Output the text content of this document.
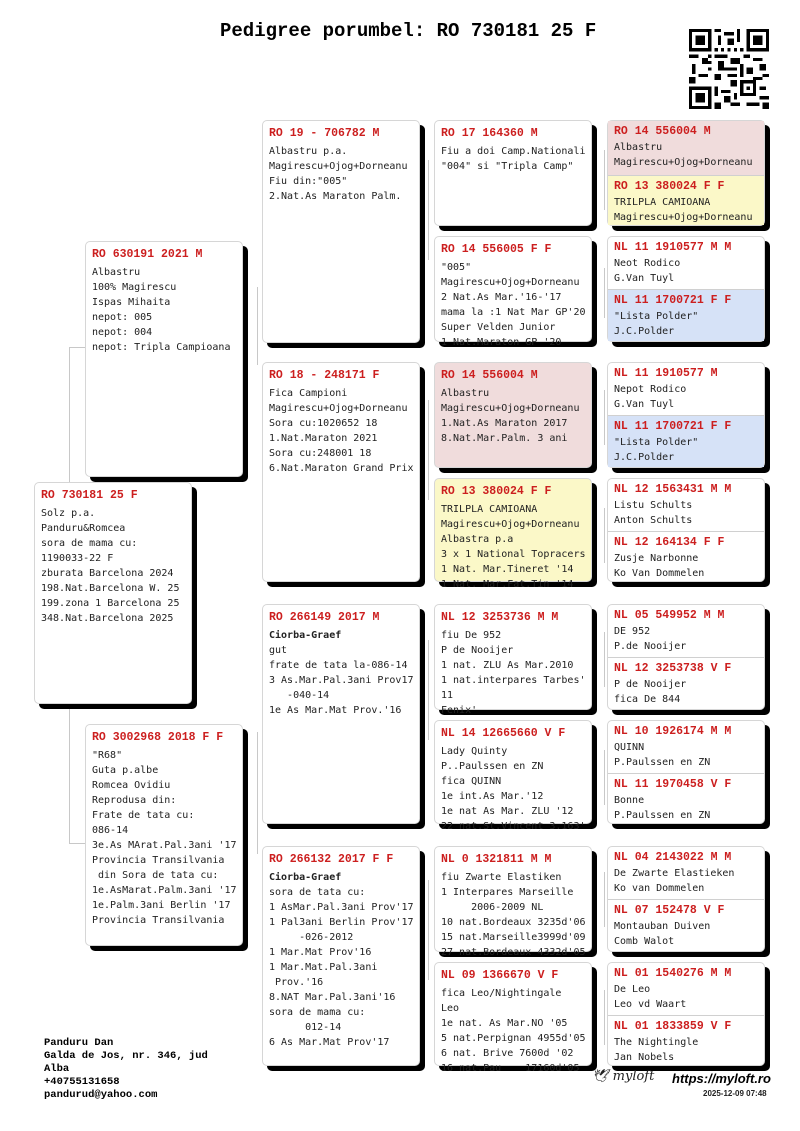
Pedigree porumbel: RO 730181 25 F
RO 730181 25 F
Solz p.a.
Panduru&Romcea
sora de mama cu:
1190033-22 F
zburata Barcelona 2024
198.Nat.Barcelona W. 25
199.zona 1 Barcelona 25
348.Nat.Barcelona 2025
RO 630191 2021 M
Albastru
100% Magirescu
Ispas Mihaita
nepot: 005
nepot: 004
nepot: Tripla Campioana
RO 3002968 2018 F F
"R68"
Guta p.albe
Romcea Ovidiu
Reprodusa din:
Frate de tata cu:
086-14
3e.As MArat.Pal.3ani '17
Provincia Transilvania
din Sora de tata cu:
1e.AsMarat.Palm.3ani '17
1e.Palm.3ani Berlin '17
Provincia Transilvania
RO 19 - 706782 M
Albastru p.a.
Magirescu+Ojog+Dorneanu
Fiu din:"005"
2.Nat.As Maraton Palm.
RO 18 - 248171 F
Fica Campioni
Magirescu+Ojog+Dorneanu
Sora cu:1020652 18
1.Nat.Maraton 2021
Sora cu:248001 18
6.Nat.Maraton Grand Prix
RO 266149 2017 M
Ciorba-Graef
gut
frate de tata la-086-14
3 As.Mar.Pal.3ani Prov17
-040-14
1e As Mar.Mat Prov.'16
RO 266132 2017 F F
Ciorba-Graef
sora de tata cu:
1 AsMar.Pal.3ani Prov'17
1 Pal3ani Berlin Prov'17
-026-2012
1 Mar.Mat Prov'16
1 Mar.Mat.Pal.3ani
Prov.'16
8.NAT Mar.Pal.3ani'16
sora de mama cu:
012-14
6 As Mar.Mat Prov'17
RO 17 164360 M
Fiu a doi Camp.Nationali
"004" si "Tripla Camp"
RO 14 556005 F F
"005"
Magirescu+Ojog+Dorneanu
2 Nat.As Mar.'16-'17
mama la :1 Nat Mar GP'20
Super Velden Junior
1 Nat.Maraton GP '20
RO 14 556004 M
Albastru
Magirescu+Ojog+Dorneanu
1.Nat.As Maraton 2017
8.Nat.Mar.Palm. 3 ani
RO 13 380024 F F
TRILPLA CAMIOANA
Magirescu+Ojog+Dorneanu
Albastra p.a
3 x 1 National Topracers
1 Nat. Mar.Tineret '14
1 Nat. Mar.Fat.Tin '14
NL 12 3253736 M M
fiu De 952
P de Nooijer
1 nat. ZLU As Mar.2010
1 nat.interpares Tarbes'
11
Fenix'
NL 14 12665660 V F
Lady Quinty
P..Paulssen en ZN
fica QUINN
1e int.As Mar.'12
1e nat As Mar. ZLU '12
22 nat.St.Vincent 3.163'
NL 0 1321811 M M
fiu Zwarte Elastiken
1 Interpares Marseille
2006-2009 NL
10 nat.Bordeaux 3235d'06
15 nat.Marseille3999d'09
27 nat.Bordeaux 4332d'05
NL 09 1366670 V F
fica Leo/Nightingale
Leo
1e nat. As Mar.NO '05
5 nat.Perpignan 4955d'05
6 nat. Brive 7600d '02
16 nat.Pau    17160d'05
RO 14 556004 M
Albastru
Magirescu+Ojog+Dorneanu
RO 13 380024 F F
TRILPLA CAMIOANA
Magirescu+Ojog+Dorneanu
NL 11 1910577 M M
Neot Rodico
G.Van Tuyl
NL 11 1700721 F F
"Lista Polder"
J.C.Polder
NL 11 1910577 M
Nepot Rodico
G.Van Tuyl
NL 11 1700721 F F
"Lista Polder"
J.C.Polder
NL 12 1563431 M M
Listu Schults
Anton Schults
NL 12 164134 F F
Zusje Narbonne
Ko Van Dommelen
NL 05 549952 M M
DE 952
P.de Nooijer
NL 12 3253738 V F
P de Nooijer
fica De 844
NL 10 1926174 M M
QUINN
P.Paulssen en ZN
NL 11 1970458 V F
Bonne
P.Paulssen en ZN
NL 04 2143022 M M
De Zwarte Elastieken
Ko van Dommelen
NL 07 152478 V F
Montauban Duiven
Comb Walot
NL 01 1540276 M M
De Leo
Leo vd Waart
NL 01 1833859 V F
The Nightingle
Jan Nobels
Panduru Dan
Galda de Jos, nr. 346, jud
Alba
+40755131658
pandurud@yahoo.com
🕊 myloft https://myloft.ro
2025-12-09 07:48
